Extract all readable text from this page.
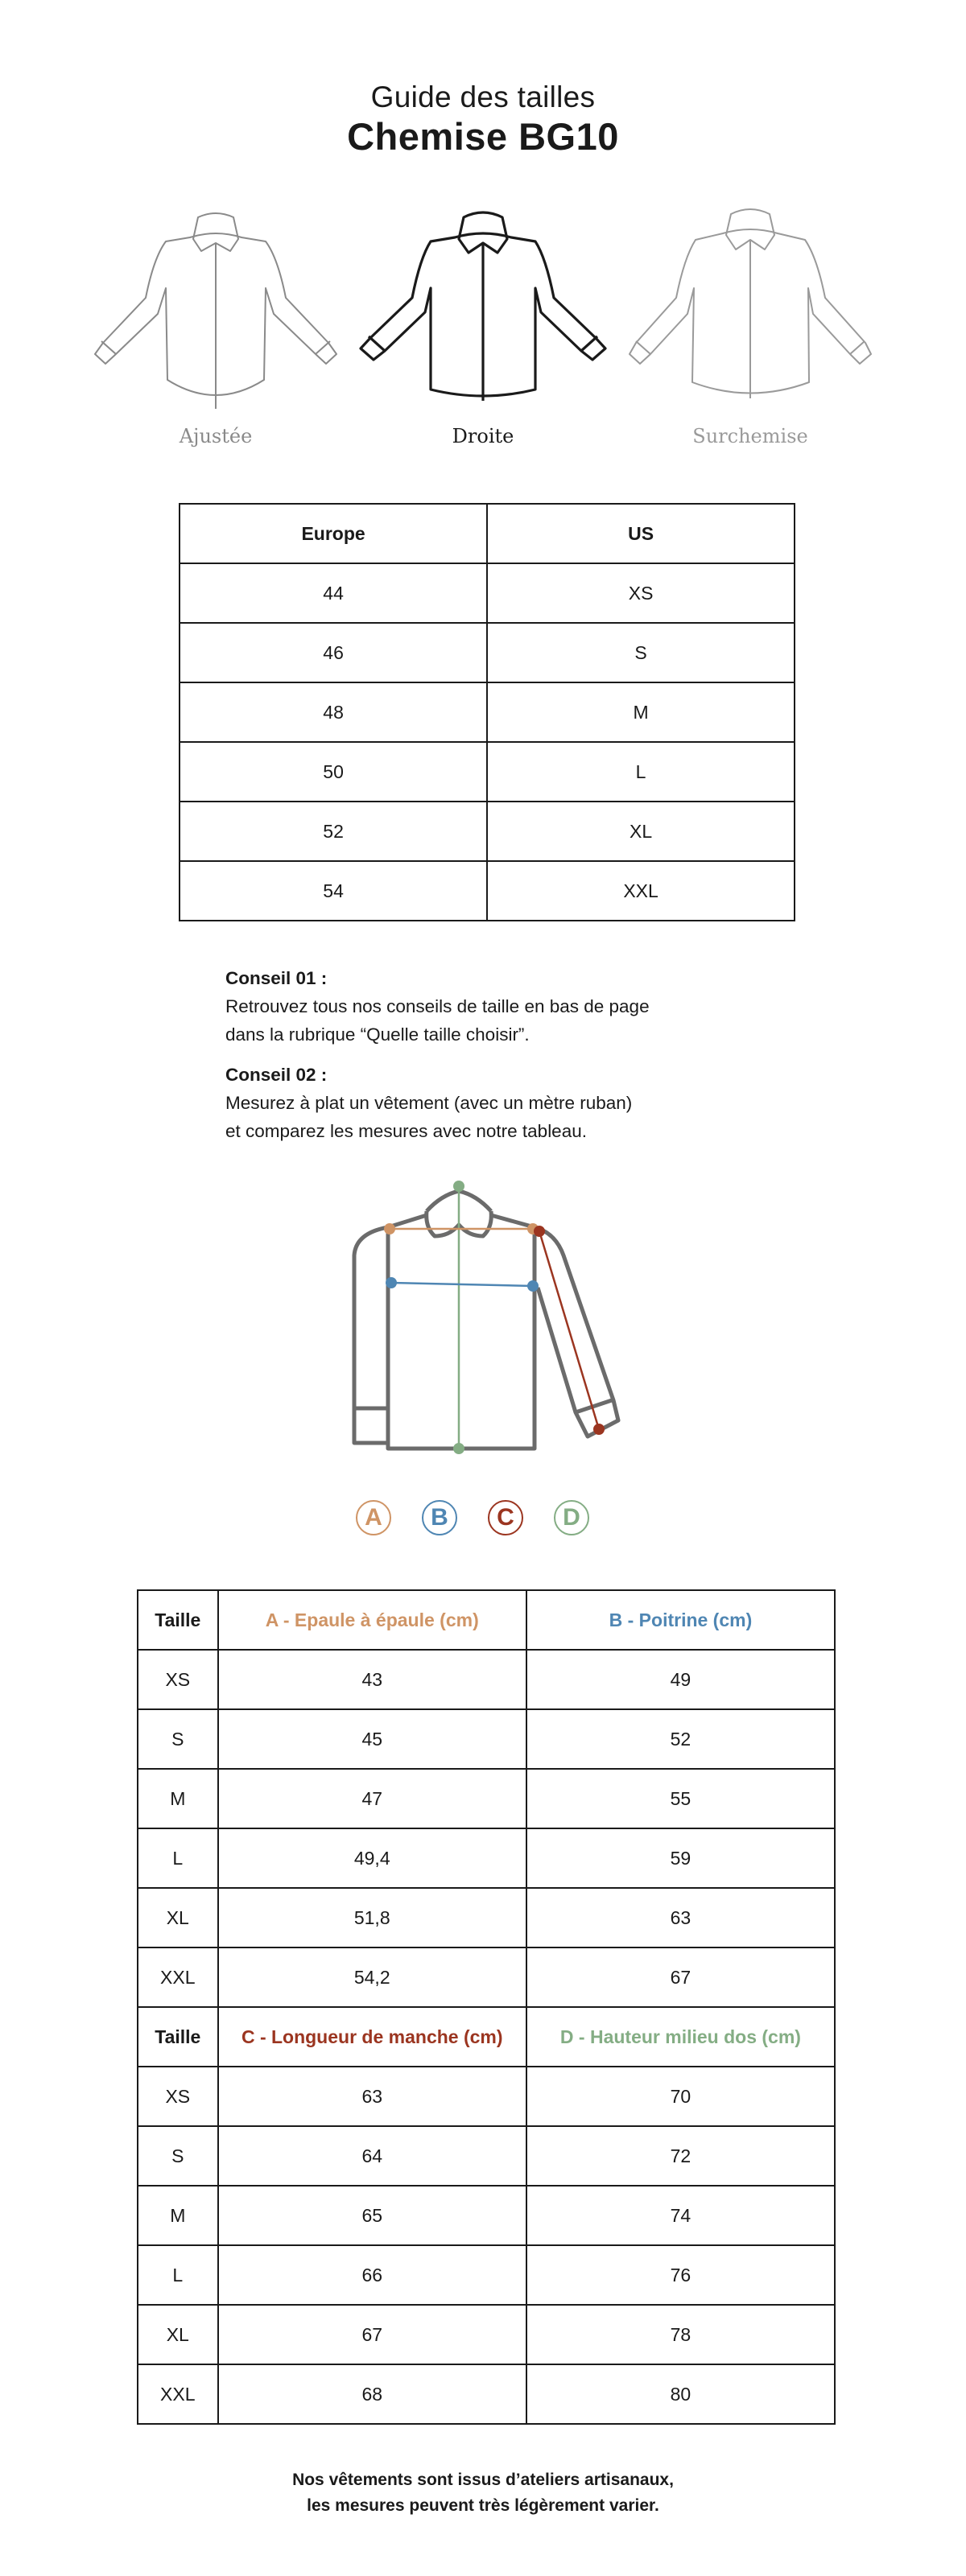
Guide des tailles
Chemise BG10
Ajustée	Droite	Surchemise
Europe	US
44	XS
46	S
48	M
50	L
52	XL
54	XXL
Conseil 01 :
Retrouvez tous nos conseils de taille en bas de page
dans la rubrique “Quelle taille choisir”.
Conseil 02 :
Mesurez à plat un vêtement (avec un mètre ruban)
et comparez les mesures avec notre tableau.
A	B	C	D
Taille	A - Epaule à épaule (cm)	B - Poitrine (cm)
XS	43	49
S	45	52
M	47	55
L	49,4	59
XL	51,8	63
XXL	54,2	67
Taille	C - Longueur de manche (cm)	D - Hauteur milieu dos (cm)
XS	63	70
S	64	72
M	65	74
L	66	76
XL	67	78
XXL	68	80
Nos vêtements sont issus d’ateliers artisanaux,
les mesures peuvent très légèrement varier.
